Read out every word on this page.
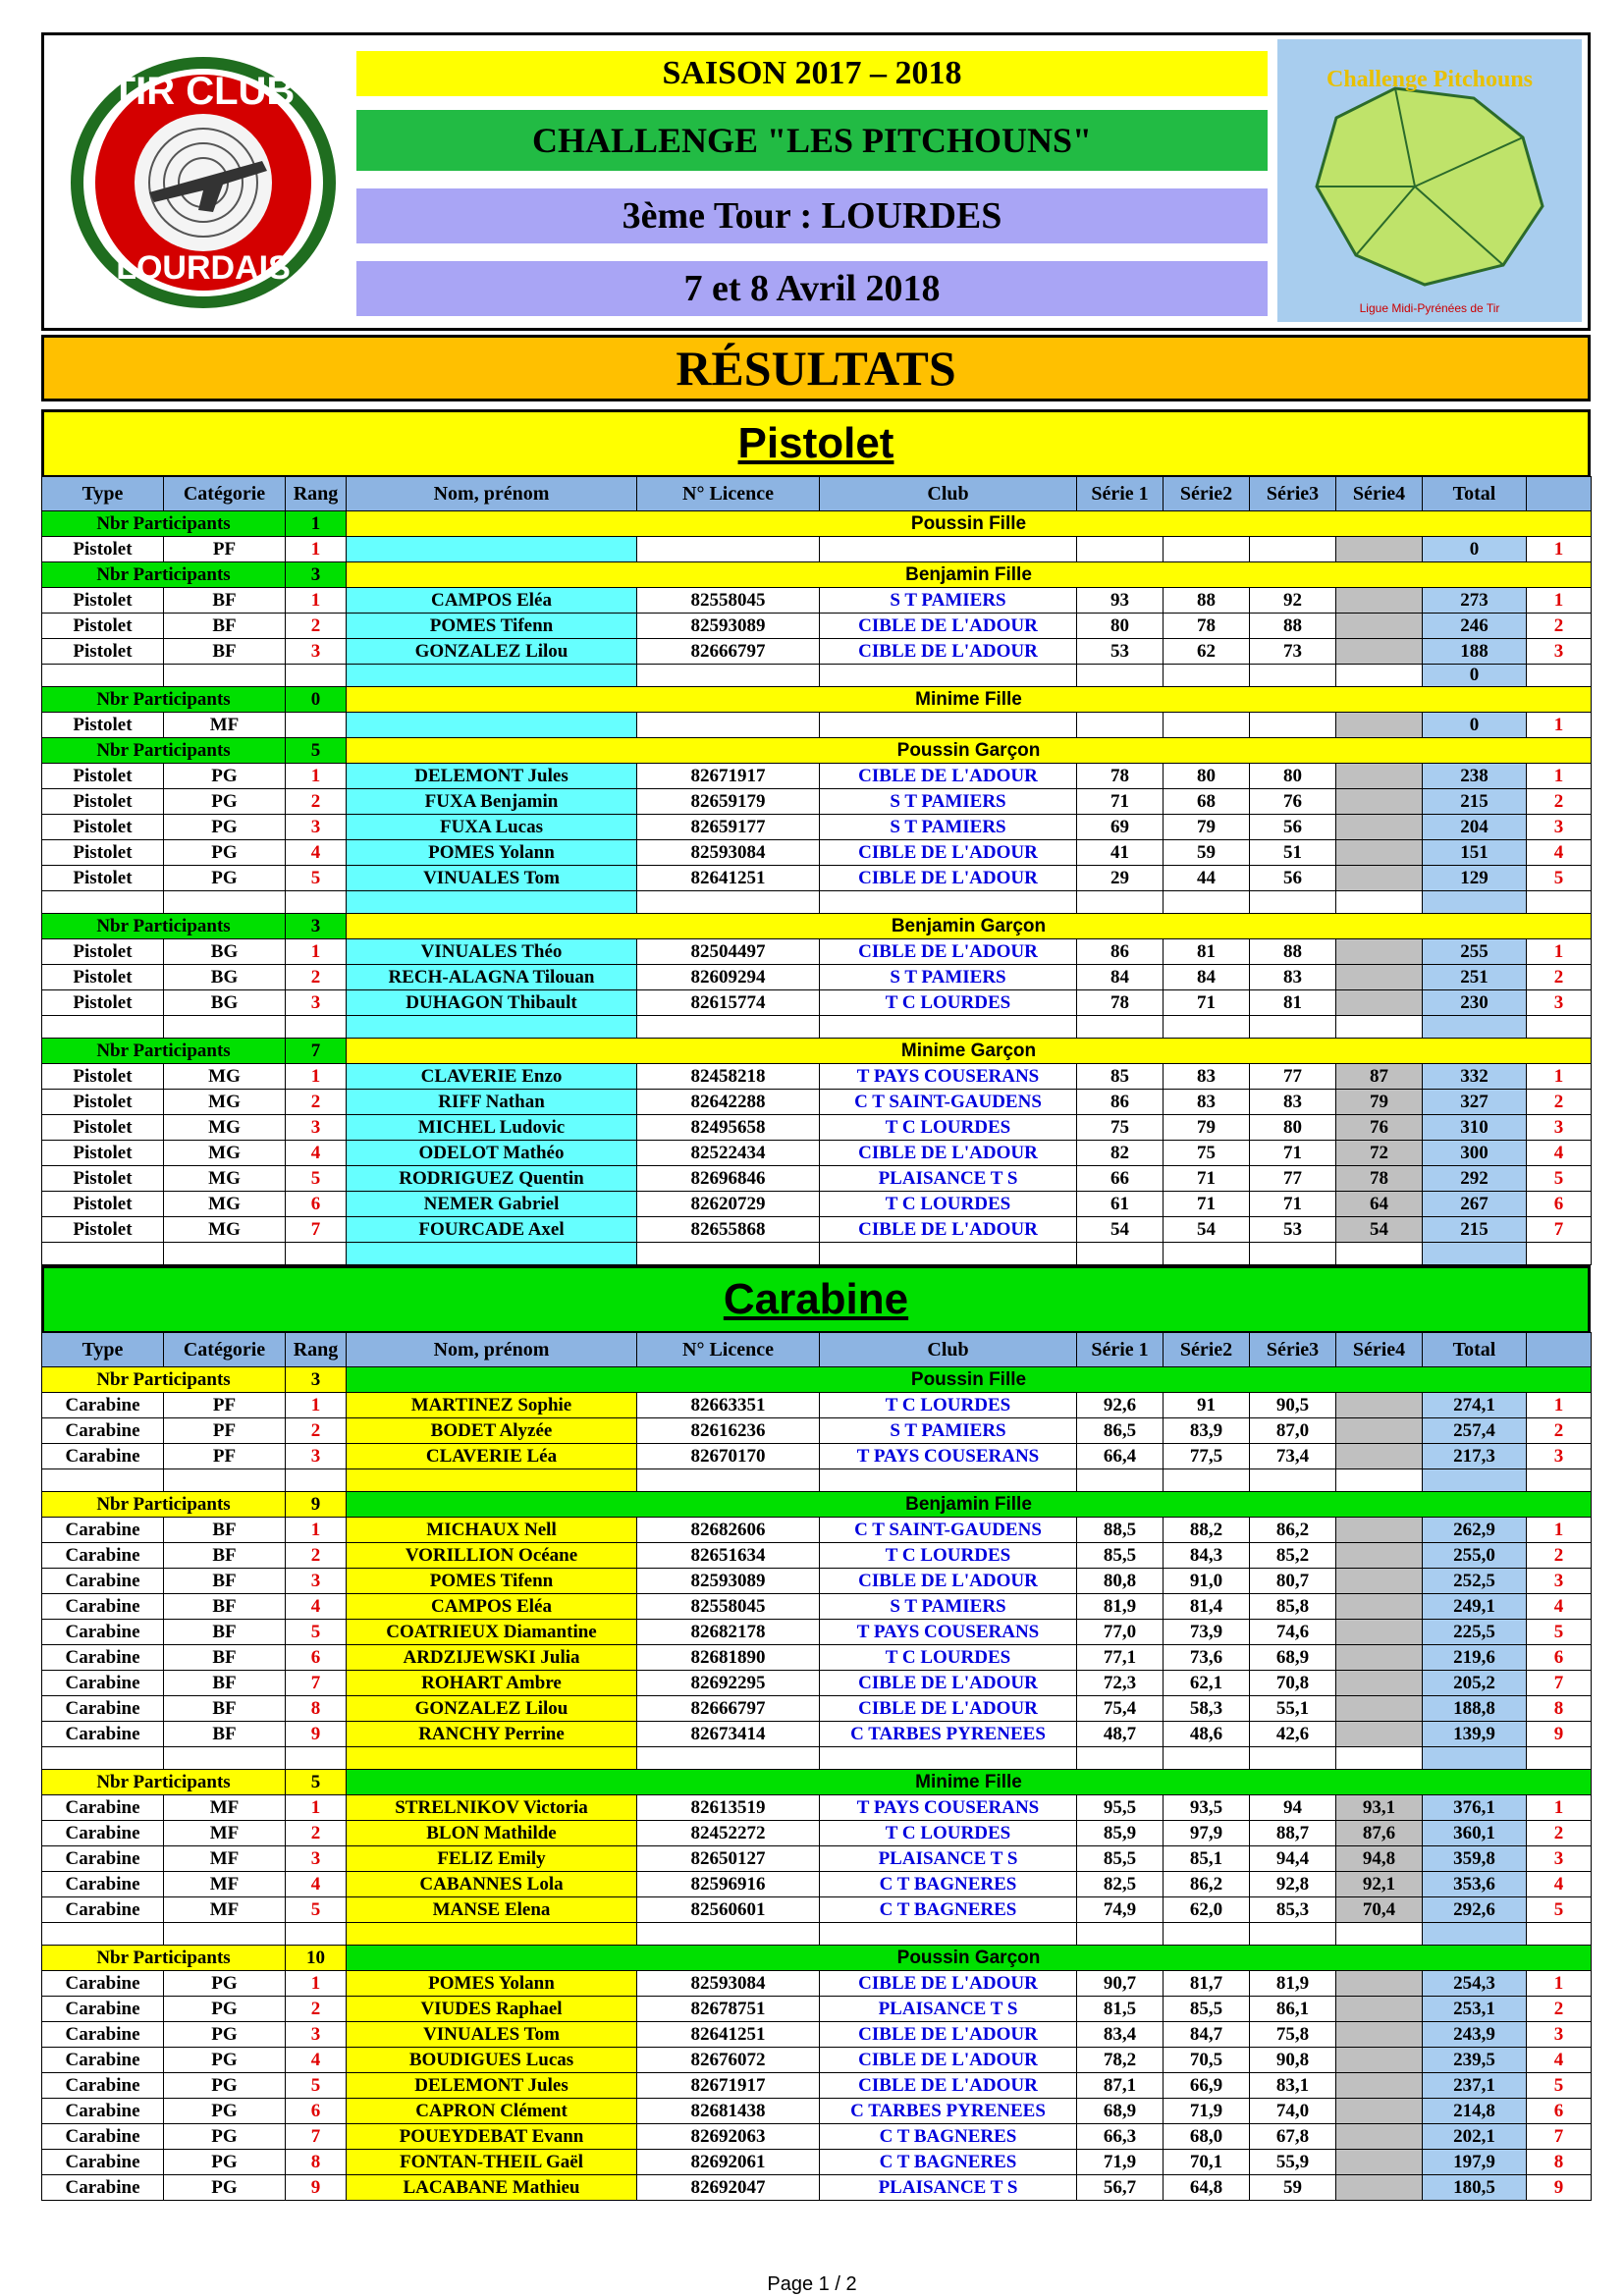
TIR CLUB
LOURDAIS
SAISON 2017 – 2018
CHALLENGE "LES PITCHOUNS"
3ème Tour : LOURDES
7 et 8 Avril 2018
Challenge Pitchouns
Ligue Midi-Pyrénées de Tir
RÉSULTATS
Pistolet
Type	Catégorie	Rang	Nom, prénom	N° Licence	Club	Série 1	Série2	Série3	Série4	Total	
Nbr Participants		1	Poussin Fille								
Pistolet	PF	1								0	1
Nbr Participants		3	Benjamin Fille								
Pistolet	BF	1	CAMPOS Eléa	82558045	S T PAMIERS	93	88	92		273	1
Pistolet	BF	2	POMES Tifenn	82593089	CIBLE DE L'ADOUR	80	78	88		246	2
Pistolet	BF	3	GONZALEZ Lilou	82666797	CIBLE DE L'ADOUR	53	62	73		188	3
										0	
Nbr Participants		0	Minime Fille								
Pistolet	MF									0	1
Nbr Participants		5	Poussin Garçon								
Pistolet	PG	1	DELEMONT Jules	82671917	CIBLE DE L'ADOUR	78	80	80		238	1
Pistolet	PG	2	FUXA Benjamin	82659179	S T PAMIERS	71	68	76		215	2
Pistolet	PG	3	FUXA Lucas	82659177	S T PAMIERS	69	79	56		204	3
Pistolet	PG	4	POMES Yolann	82593084	CIBLE DE L'ADOUR	41	59	51		151	4
Pistolet	PG	5	VINUALES Tom	82641251	CIBLE DE L'ADOUR	29	44	56		129	5

Nbr Participants		3	Benjamin Garçon								
Pistolet	BG	1	VINUALES Théo	82504497	CIBLE DE L'ADOUR	86	81	88		255	1
Pistolet	BG	2	RECH-ALAGNA Tilouan	82609294	S T PAMIERS	84	84	83		251	2
Pistolet	BG	3	DUHAGON Thibault	82615774	T C LOURDES	78	71	81		230	3

Nbr Participants		7	Minime Garçon								
Pistolet	MG	1	CLAVERIE Enzo	82458218	T PAYS COUSERANS	85	83	77	87	332	1
Pistolet	MG	2	RIFF Nathan	82642288	C T SAINT-GAUDENS	86	83	83	79	327	2
Pistolet	MG	3	MICHEL Ludovic	82495658	T C LOURDES	75	79	80	76	310	3
Pistolet	MG	4	ODELOT Mathéo	82522434	CIBLE DE L'ADOUR	82	75	71	72	300	4
Pistolet	MG	5	RODRIGUEZ Quentin	82696846	PLAISANCE T S	66	71	77	78	292	5
Pistolet	MG	6	NEMER Gabriel	82620729	T C LOURDES	61	71	71	64	267	6
Pistolet	MG	7	FOURCADE Axel	82655868	CIBLE DE L'ADOUR	54	54	53	54	215	7

Carabine
Type	Catégorie	Rang	Nom, prénom	N° Licence	Club	Série 1	Série2	Série3	Série4	Total	
Nbr Participants		3	Poussin Fille								
Carabine	PF	1	MARTINEZ Sophie	82663351	T C LOURDES	92,6	91	90,5		274,1	1
Carabine	PF	2	BODET Alyzée	82616236	S T PAMIERS	86,5	83,9	87,0		257,4	2
Carabine	PF	3	CLAVERIE Léa	82670170	T PAYS COUSERANS	66,4	77,5	73,4		217,3	3

Nbr Participants		9	Benjamin Fille								
Carabine	BF	1	MICHAUX Nell	82682606	C T SAINT-GAUDENS	88,5	88,2	86,2		262,9	1
Carabine	BF	2	VORILLION Océane	82651634	T C LOURDES	85,5	84,3	85,2		255,0	2
Carabine	BF	3	POMES Tifenn	82593089	CIBLE DE L'ADOUR	80,8	91,0	80,7		252,5	3
Carabine	BF	4	CAMPOS Eléa	82558045	S T PAMIERS	81,9	81,4	85,8		249,1	4
Carabine	BF	5	COATRIEUX Diamantine	82682178	T PAYS COUSERANS	77,0	73,9	74,6		225,5	5
Carabine	BF	6	ARDZIJEWSKI Julia	82681890	T C LOURDES	77,1	73,6	68,9		219,6	6
Carabine	BF	7	ROHART Ambre	82692295	CIBLE DE L'ADOUR	72,3	62,1	70,8		205,2	7
Carabine	BF	8	GONZALEZ Lilou	82666797	CIBLE DE L'ADOUR	75,4	58,3	55,1		188,8	8
Carabine	BF	9	RANCHY Perrine	82673414	C TARBES PYRENEES	48,7	48,6	42,6		139,9	9

Nbr Participants		5	Minime Fille								
Carabine	MF	1	STRELNIKOV Victoria	82613519	T PAYS COUSERANS	95,5	93,5	94	93,1	376,1	1
Carabine	MF	2	BLON Mathilde	82452272	T C LOURDES	85,9	97,9	88,7	87,6	360,1	2
Carabine	MF	3	FELIZ Emily	82650127	PLAISANCE T S	85,5	85,1	94,4	94,8	359,8	3
Carabine	MF	4	CABANNES Lola	82596916	C T BAGNERES	82,5	86,2	92,8	92,1	353,6	4
Carabine	MF	5	MANSE Elena	82560601	C T BAGNERES	74,9	62,0	85,3	70,4	292,6	5

Nbr Participants		10	Poussin Garçon								
Carabine	PG	1	POMES Yolann	82593084	CIBLE DE L'ADOUR	90,7	81,7	81,9		254,3	1
Carabine	PG	2	VIUDES Raphael	82678751	PLAISANCE T S	81,5	85,5	86,1		253,1	2
Carabine	PG	3	VINUALES Tom	82641251	CIBLE DE L'ADOUR	83,4	84,7	75,8		243,9	3
Carabine	PG	4	BOUDIGUES Lucas	82676072	CIBLE DE L'ADOUR	78,2	70,5	90,8		239,5	4
Carabine	PG	5	DELEMONT Jules	82671917	CIBLE DE L'ADOUR	87,1	66,9	83,1		237,1	5
Carabine	PG	6	CAPRON Clément	82681438	C TARBES PYRENEES	68,9	71,9	74,0		214,8	6
Carabine	PG	7	POUEYDEBAT Evann	82692063	C T BAGNERES	66,3	68,0	67,8		202,1	7
Carabine	PG	8	FONTAN-THEIL Gaël	82692061	C T BAGNERES	71,9	70,1	55,9		197,9	8
Carabine	PG	9	LACABANE Mathieu	82692047	PLAISANCE T S	56,7	64,8	59		180,5	9
Page 1 / 2
